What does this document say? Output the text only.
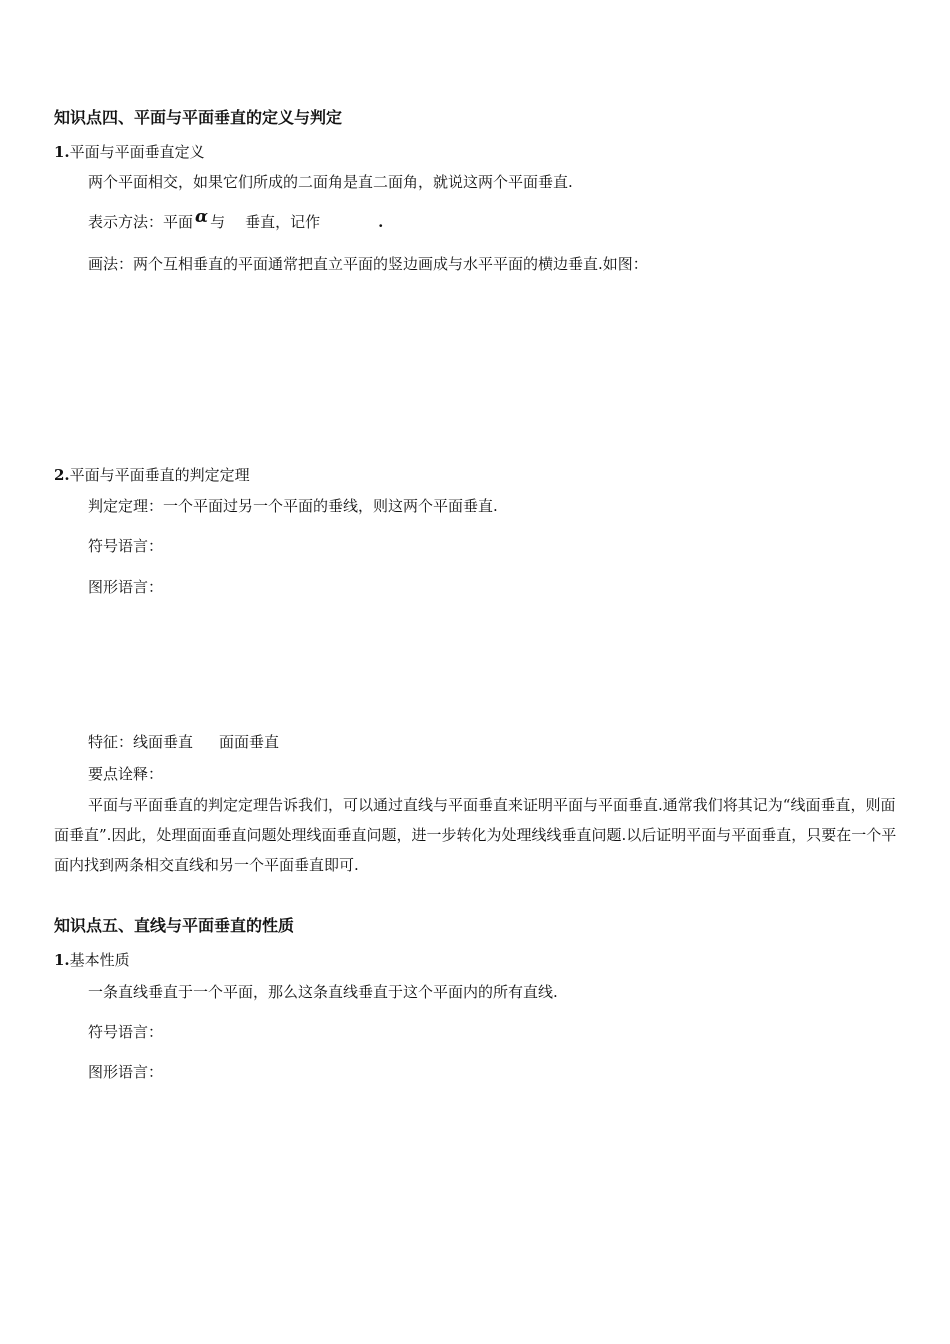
知识点四、平面与平面垂直的定义与判定
1.平面与平面垂直定义
两个平面相交，如果它们所成的二面角是直二面角，就说这两个平面垂直.
表示方法：平面 α 与 垂直，记作	.
画法：两个互相垂直的平面通常把直立平面的竖边画成与水平平面的横边垂直.如图：
2.平面与平面垂直的判定定理
判定定理：一个平面过另一个平面的垂线，则这两个平面垂直.
符号语言：
图形语言：
特征：线面垂直 面面垂直
要点诠释：
平面与平面垂直的判定定理告诉我们，可以通过直线与平面垂直来证明平面与平面垂直.通常我们将其记为“线面垂直，则面面垂直”.因此，处理面面垂直问题处理线面垂直问题，进一步转化为处理线线垂直问题.以后证明平面与平面垂直，只要在一个平面内找到两条相交直线和另一个平面垂直即可.
知识点五、直线与平面垂直的性质
1.基本性质
一条直线垂直于一个平面，那么这条直线垂直于这个平面内的所有直线.
符号语言：
图形语言：
